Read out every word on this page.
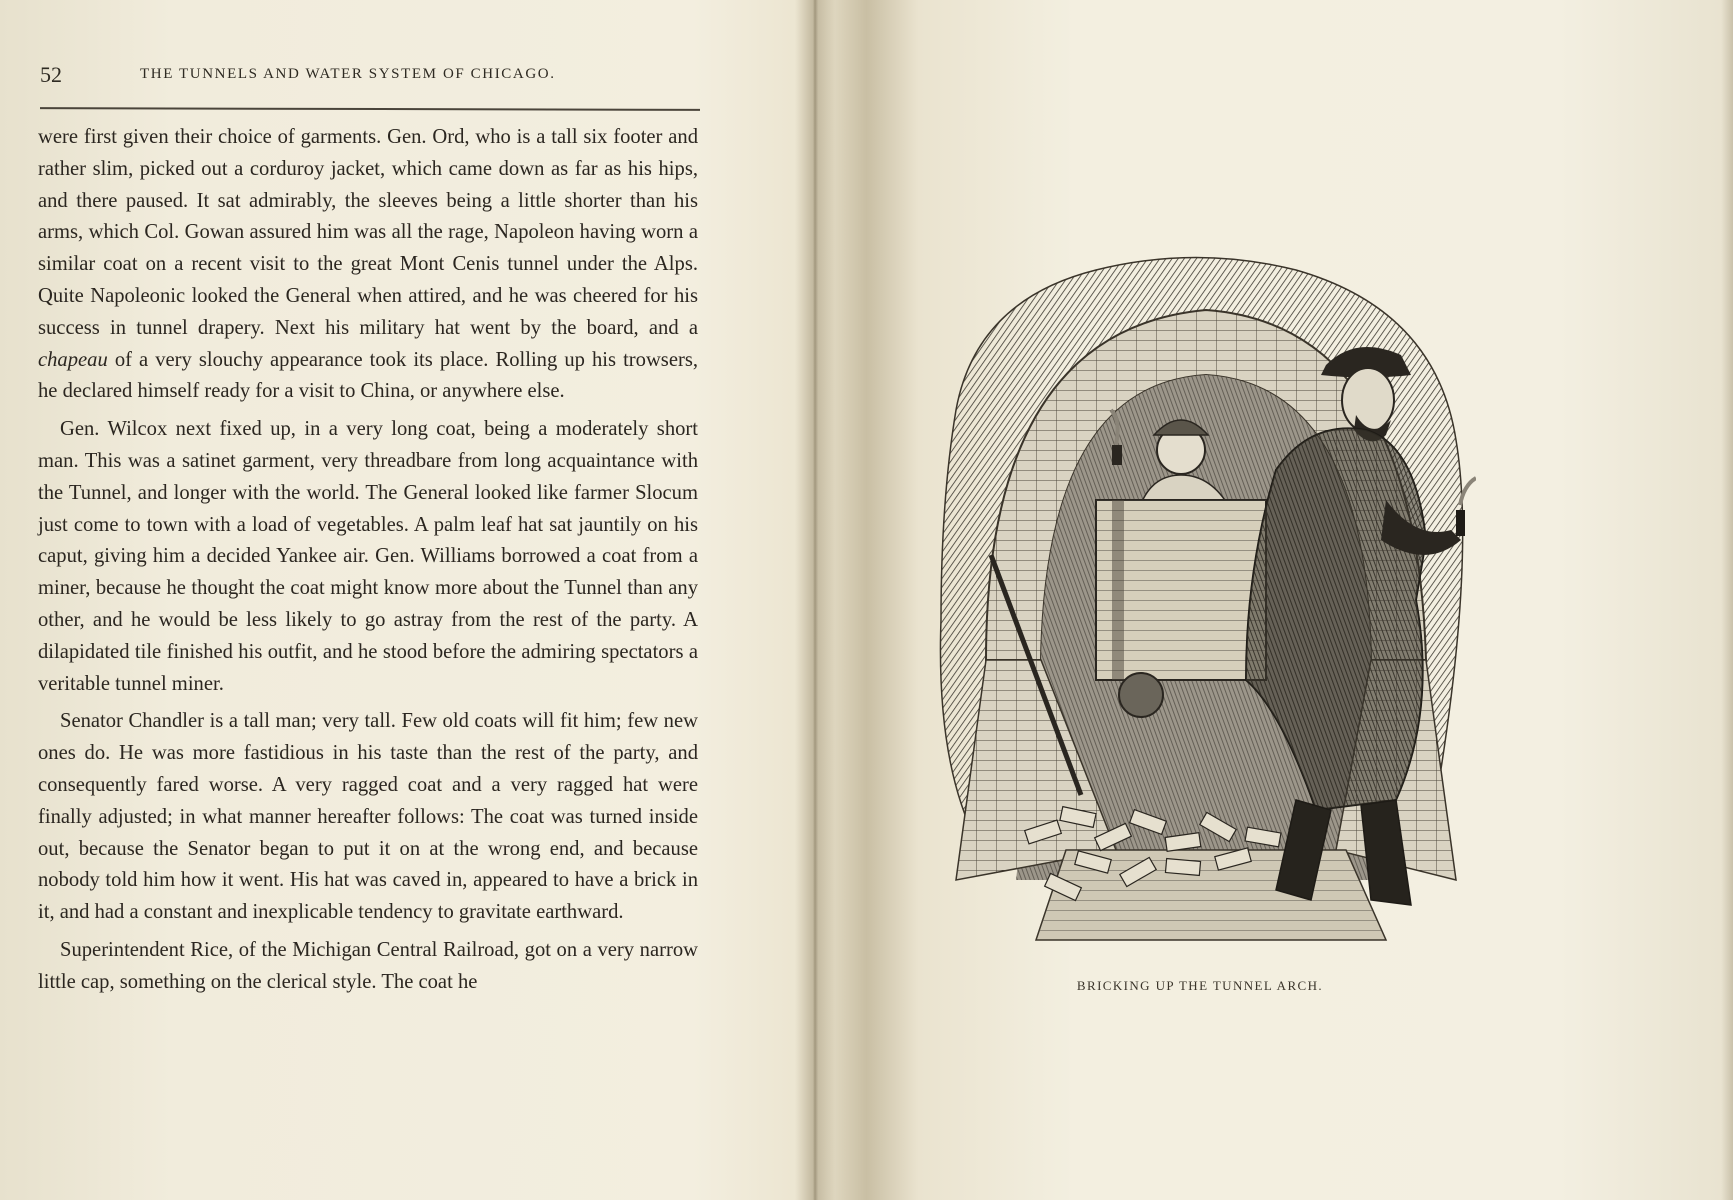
52	THE TUNNELS AND WATER SYSTEM OF CHICAGO.

were first given their choice of garments. Gen. Ord, who is a tall six footer and rather slim, picked out a corduroy jacket, which came down as far as his hips, and there paused. It sat admirably, the sleeves being a little shorter than his arms, which Col. Gowan assured him was all the rage, Napoleon having worn a similar coat on a recent visit to the great Mont Cenis tunnel under the Alps. Quite Napoleonic looked the General when attired, and he was cheered for his success in tunnel drapery. Next his military hat went by the board, and a chapeau of a very slouchy appearance took its place. Rolling up his trowsers, he declared himself ready for a visit to China, or anywhere else.

Gen. Wilcox next fixed up, in a very long coat, being a moderately short man. This was a satinet garment, very threadbare from long acquaintance with the Tunnel, and longer with the world. The General looked like farmer Slocum just come to town with a load of vegetables. A palm leaf hat sat jauntily on his caput, giving him a decided Yankee air. Gen. Williams borrowed a coat from a miner, because he thought the coat might know more about the Tunnel than any other, and he would be less likely to go astray from the rest of the party. A dilapidated tile finished his outfit, and he stood before the admiring spectators a veritable tunnel miner.

Senator Chandler is a tall man; very tall. Few old coats will fit him; few new ones do. He was more fastidious in his taste than the rest of the party, and consequently fared worse. A very ragged coat and a very ragged hat were finally adjusted; in what manner hereafter follows: The coat was turned inside out, because the Senator began to put it on at the wrong end, and because nobody told him how it went. His hat was caved in, appeared to have a brick in it, and had a constant and inexplicable tendency to gravitate earthward.

Superintendent Rice, of the Michigan Central Railroad, got on a very narrow little cap, something on the clerical style. The coat he	BRICKING UP THE TUNNEL ARCH.
